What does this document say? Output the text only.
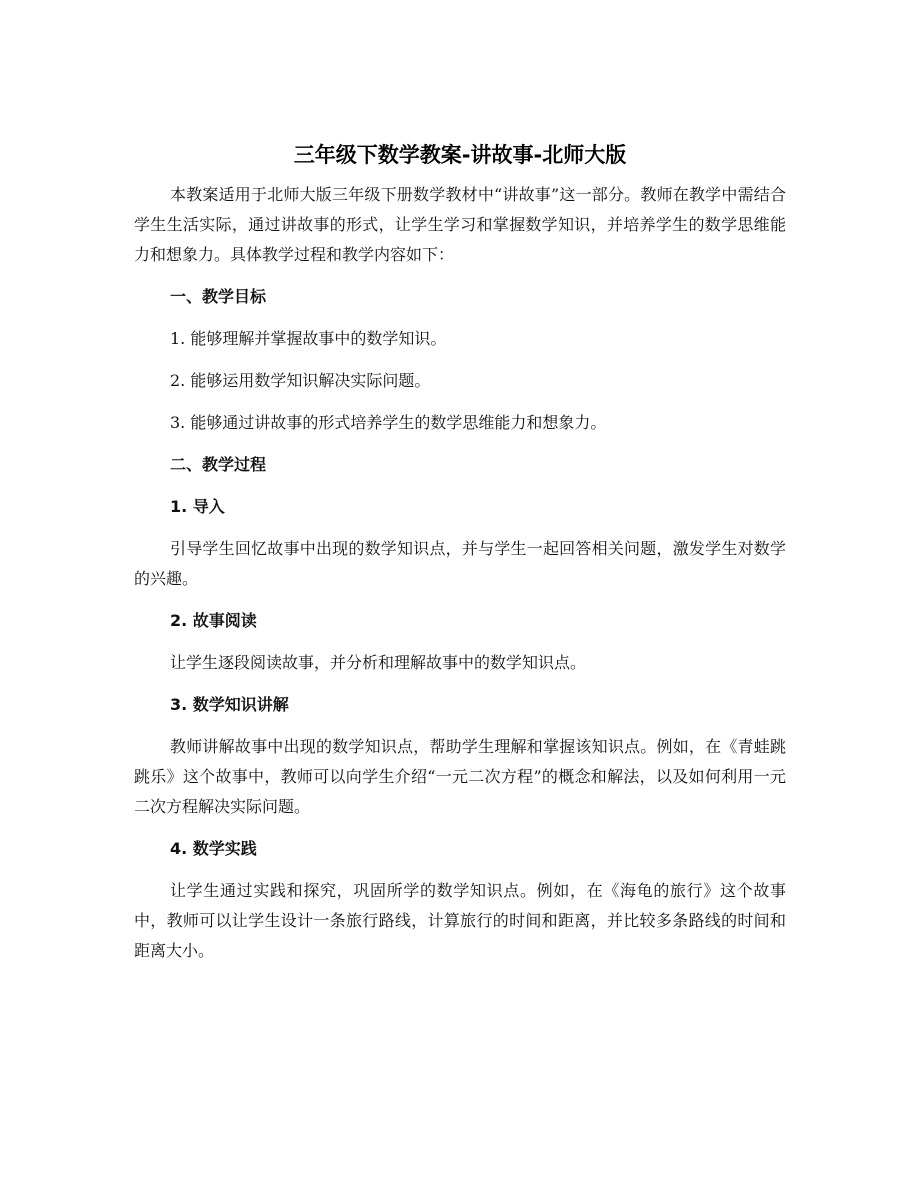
三年级下数学教案-讲故事-北师大版

本教案适用于北师大版三年级下册数学教材中“讲故事”这一部分。教师在教学中需结合学生生活实际，通过讲故事的形式，让学生学习和掌握数学知识，并培养学生的数学思维能力和想象力。具体教学过程和教学内容如下：

一、教学目标

1. 能够理解并掌握故事中的数学知识。

2. 能够运用数学知识解决实际问题。

3. 能够通过讲故事的形式培养学生的数学思维能力和想象力。

二、教学过程

1. 导入

引导学生回忆故事中出现的数学知识点，并与学生一起回答相关问题，激发学生对数学的兴趣。

2. 故事阅读

让学生逐段阅读故事，并分析和理解故事中的数学知识点。

3. 数学知识讲解

教师讲解故事中出现的数学知识点，帮助学生理解和掌握该知识点。例如，在《青蛙跳跳乐》这个故事中，教师可以向学生介绍“一元二次方程”的概念和解法，以及如何利用一元二次方程解决实际问题。

4. 数学实践

让学生通过实践和探究，巩固所学的数学知识点。例如，在《海龟的旅行》这个故事中，教师可以让学生设计一条旅行路线，计算旅行的时间和距离，并比较多条路线的时间和距离大小。
